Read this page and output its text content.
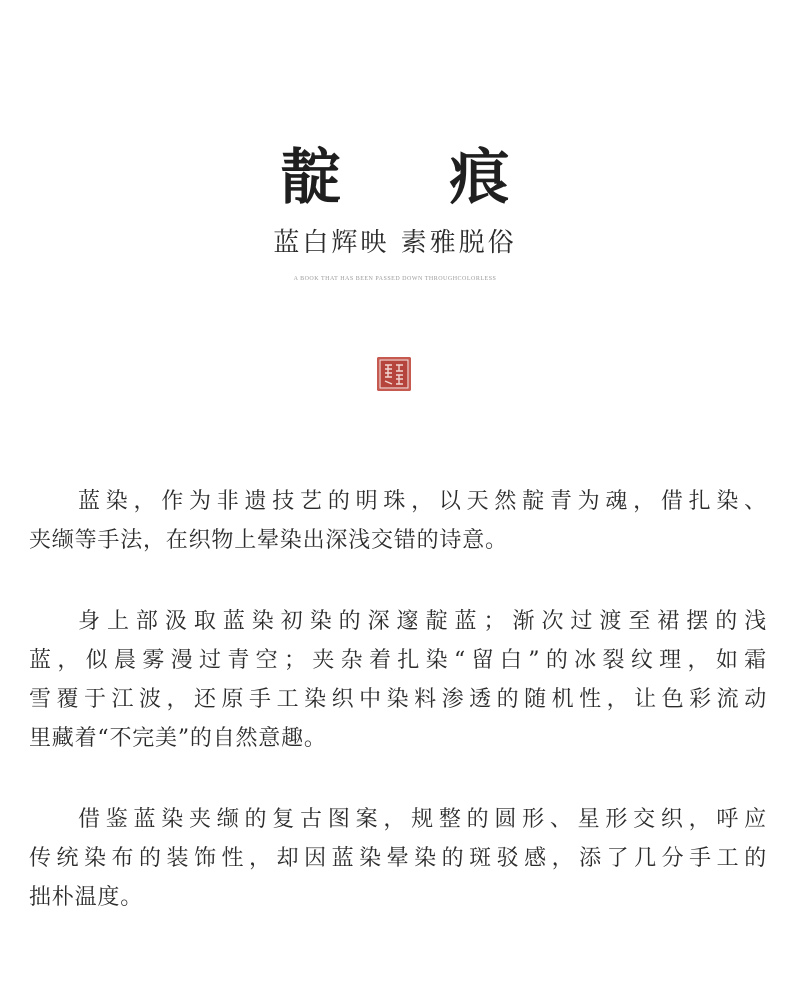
靛 痕
蓝白辉映 素雅脱俗
A BOOK THAT HAS BEEN PASSED DOWN THROUGHCOLORLESS

蓝染，作为非遗技艺的明珠，以天然靛青为魂，借扎染、
夹缬等手法，在织物上晕染出深浅交错的诗意。

身上部汲取蓝染初染的深邃靛蓝；渐次过渡至裙摆的浅
蓝，似晨雾漫过青空；夹杂着扎染“留白”的冰裂纹理，如霜
雪覆于江波，还原手工染织中染料渗透的随机性，让色彩流动
里藏着“不完美”的自然意趣。

借鉴蓝染夹缬的复古图案，规整的圆形、星形交织，呼应
传统染布的装饰性，却因蓝染晕染的斑驳感，添了几分手工的
拙朴温度。
